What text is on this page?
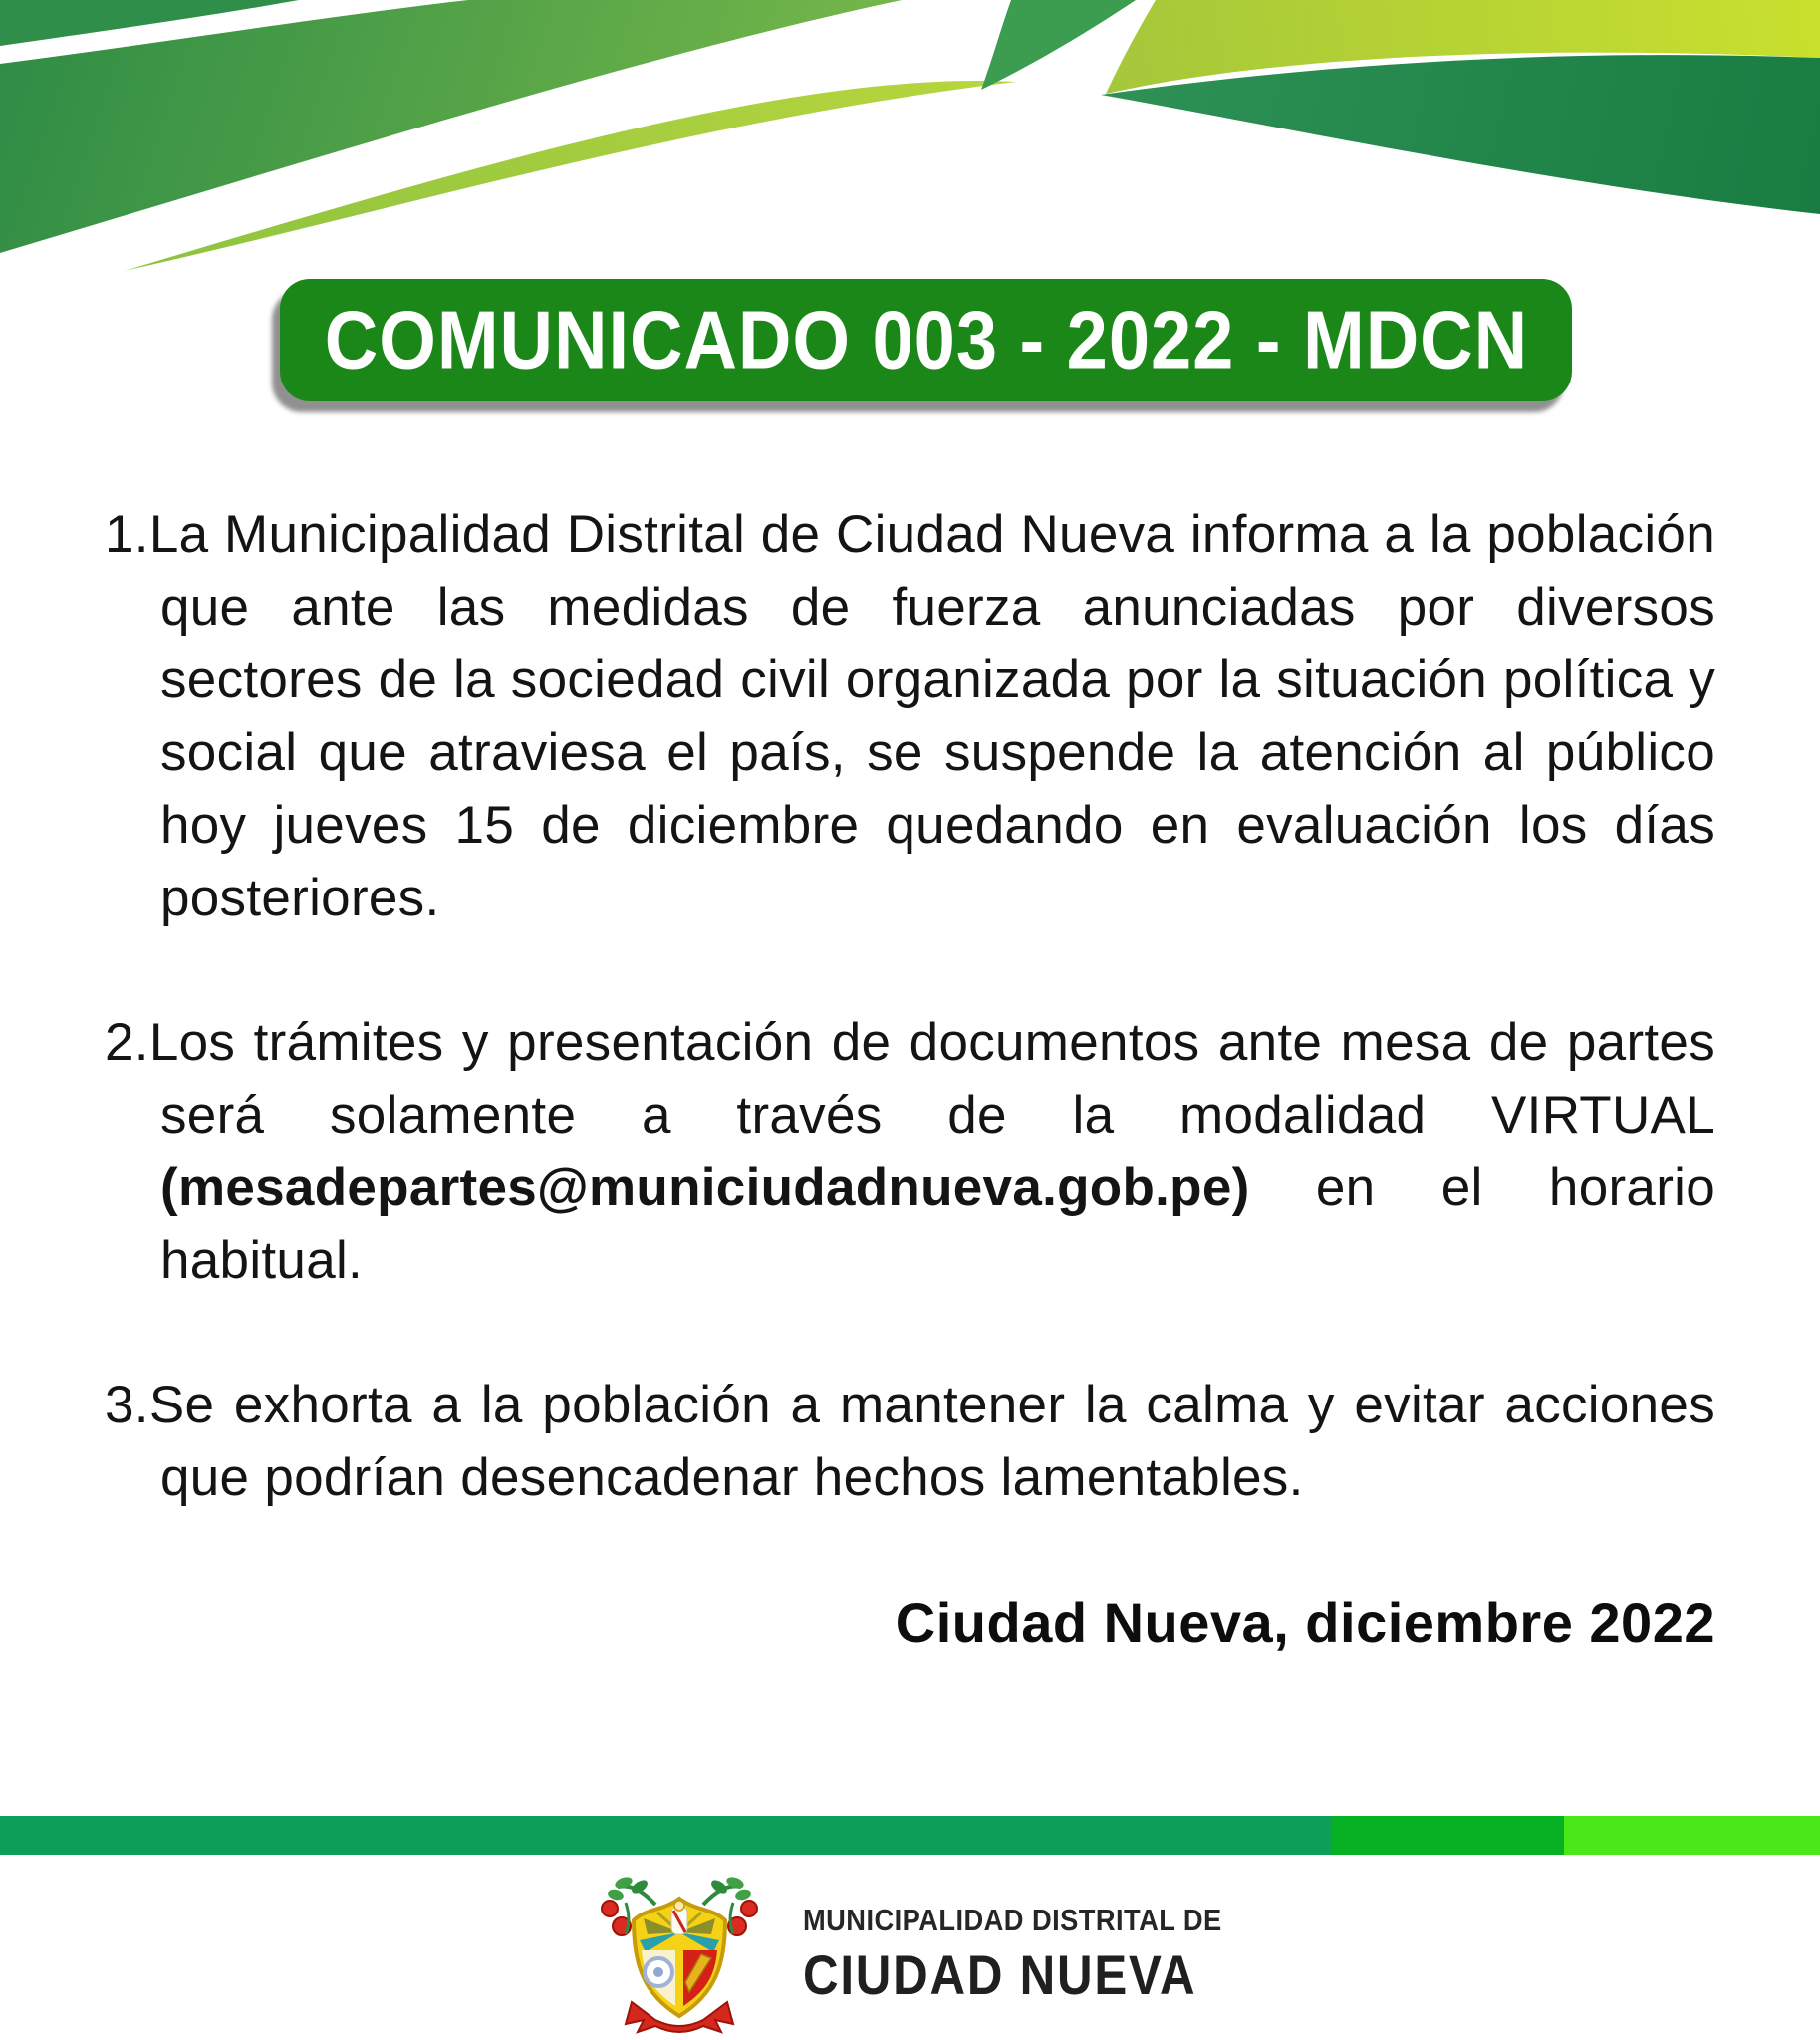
COMUNICADO 003 - 2022 - MDCN
1.La Municipalidad Distrital de Ciudad Nueva informa a la población que ante las medidas de fuerza anunciadas por diversos sectores de la sociedad civil organizada por la situación política y social que atraviesa el país, se suspende la atención al público hoy jueves 15 de diciembre quedando en evaluación los días posteriores.
2.Los trámites y presentación de documentos ante mesa de partes será solamente a través de la modalidad VIRTUAL (mesadepartes@municiudadnueva.gob.pe) en el horario habitual.
3.Se exhorta a la población a mantener la calma y evitar acciones que podrían desencadenar hechos lamentables.
Ciudad Nueva, diciembre 2022
MUNICIPALIDAD DISTRITAL DE
CIUDAD NUEVA
